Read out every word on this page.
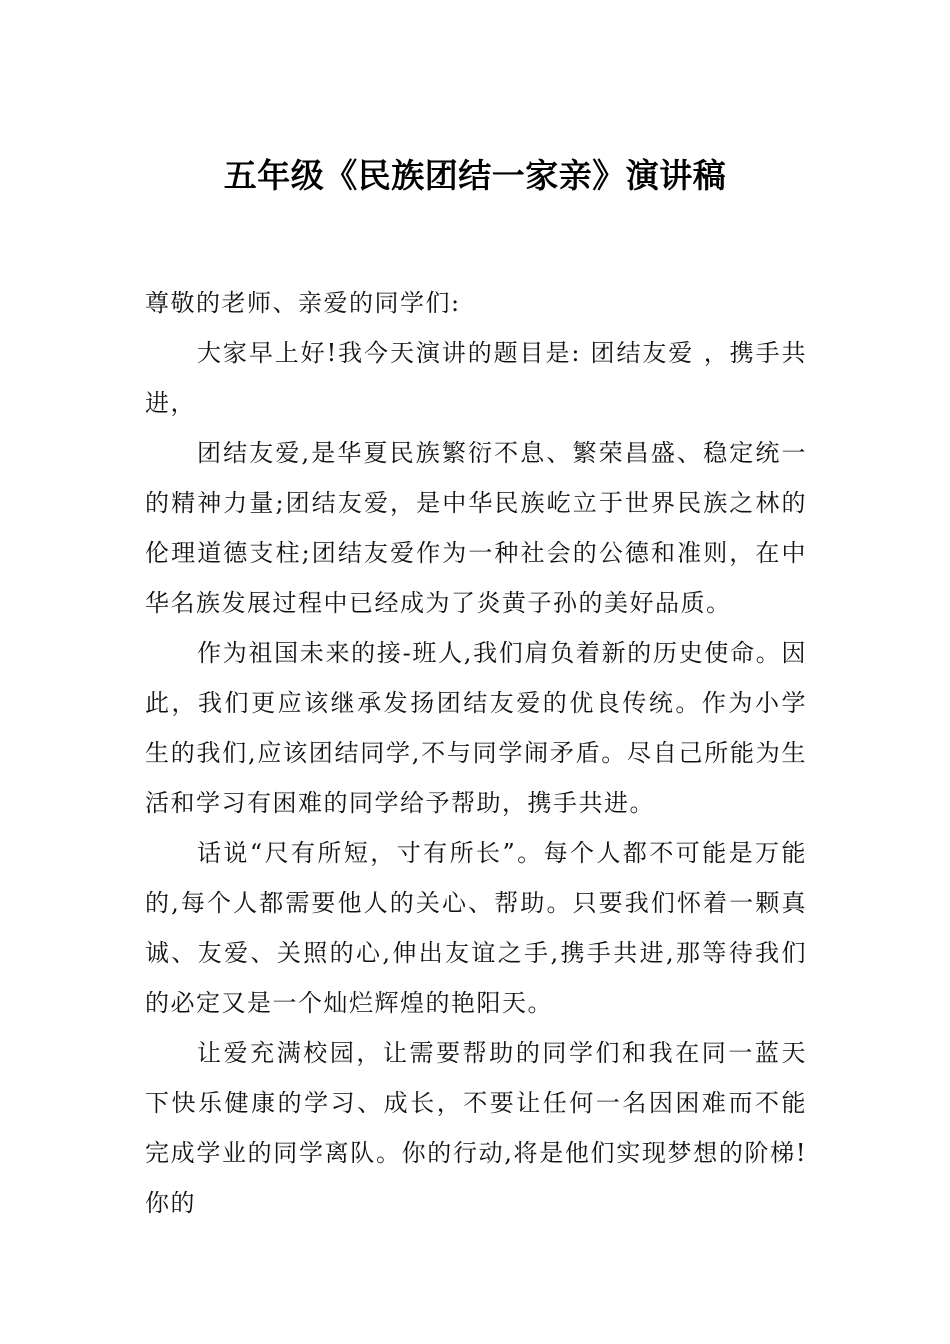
五年级《民族团结一家亲》演讲稿

尊敬的老师、亲爱的同学们:

大家早上好!我今天演讲的题目是: 团结友爱 ，携手共进，

团结友爱,是华夏民族繁衍不息、繁荣昌盛、稳定统一的精神力量;团结友爱，是中华民族屹立于世界民族之林的伦理道德支柱;团结友爱作为一种社会的公德和准则，在中华名族发展过程中已经成为了炎黄子孙的美好品质。

作为祖国未来的接-班人,我们肩负着新的历史使命。因此，我们更应该继承发扬团结友爱的优良传统。作为小学生的我们,应该团结同学,不与同学闹矛盾。尽自己所能为生活和学习有困难的同学给予帮助，携手共进。

话说“尺有所短，寸有所长”。每个人都不可能是万能的,每个人都需要他人的关心、帮助。只要我们怀着一颗真诚、友爱、关照的心,伸出友谊之手,携手共进,那等待我们的必定又是一个灿烂辉煌的艳阳天。

让爱充满校园，让需要帮助的同学们和我在同一蓝天下快乐健康的学习、成长，不要让任何一名因困难而不能完成学业的同学离队。你的行动,将是他们实现梦想的阶梯!你的
